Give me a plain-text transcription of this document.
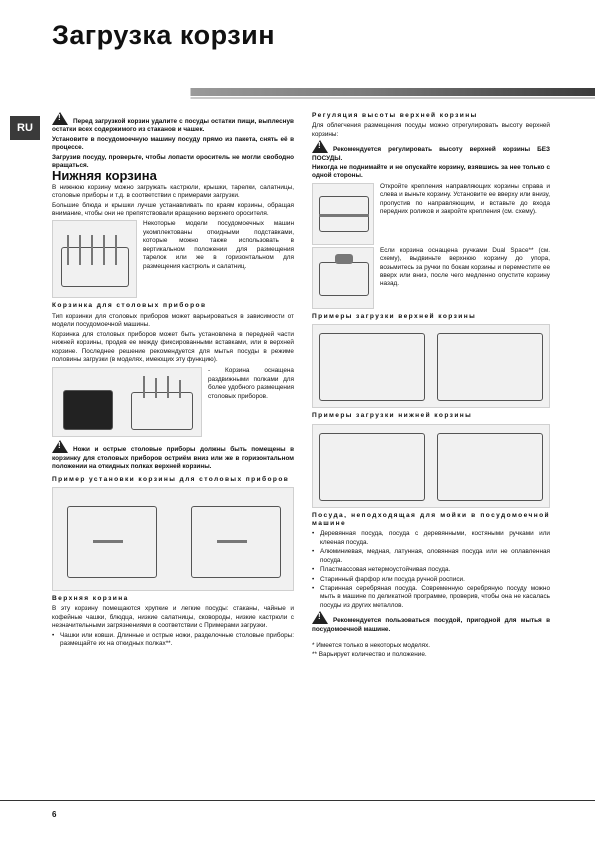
Загрузка корзин
RU

!Перед загрузкой корзин удалите с посуды остатки пищи, выплеснув остатки всех содержимого из стаканов и чашек.

Установите в посудомоечную машину посуду прямо из пакета, снять её в процессе.

Загрузив посуду, проверьте, чтобы лопасти ороситель не могли свободно вращаться.

Нижняя корзина

В нижнюю корзину можно загружать кастрюли, крышки, тарелки, салатницы, столовые приборы и т.д. в соответствии с примерами загрузки.

Большие блюда и крышки лучше устанавливать по краям корзины, обращая внимание, чтобы они не препятствовали вращению верхнего оросителя.

Некоторые модели посудомоечных машин укомплектованы откидными подставками, которые можно также использовать в вертикальном положении для размещения тарелок или же в горизонтальном для размещения кастрюль и салатниц.

Корзинка для столовых приборов

Тип корзинки для столовых приборов может варьироваться в зависимости от модели посудомоечной машины.

Корзинка для столовых приборов может быть установлена в передней части нижней корзины, продев ее между фиксированными вставками, или в верхней корзине. Последнее решение рекомендуется для мытья посуды в режиме половины загрузки (в моделях, имеющих эту функцию).

- Корзина оснащена раздвижными полками для более удобного размещения столовых приборов.

!Ножи и острые столовые приборы должны быть помещены в корзинку для столовых приборов остриём вниз или же в горизонтальном положении на откидных полках верхней корзины.

Пример установки корзины для столовых приборов
Верхняя корзина

В эту корзину помещаются хрупкие и легкие посуды: стаканы, чайные и кофейные чашки, блюдца, низкие салатницы, сковороды, низкие кастрюли с незначительными загрязнениями в соответствии с Примерами загрузки.

• Чашки или ковши. Длинные и острые ножи, разделочные столовые приборы: размещайте их на откидных полках**.
Регуляция высоты верхней корзины

Для облегчения размещения посуды можно отрегулировать высоту верхней корзины:

!Рекомендуется регулировать высоту верхней корзины БЕЗ ПОСУДЫ.

Никогда не поднимайте и не опускайте корзину, взявшись за нее только с одной стороны.

Откройте крепления направляющих корзины справа и слева и выньте корзину. Установите ее вверху или внизу, пропустив по направляющим, и вставьте до входа передних роликов и закройте крепления (см. схему).

Если корзина оснащена ручками Dual Space** (см. схему), выдвиньте верхнюю корзину до упора, возьмитесь за ручки по бокам корзины и переместите ее вверх или вниз, после чего медленно опустите корзину назад.

Примеры загрузки верхней корзины
Примеры загрузки нижней корзины
Посуда, неподходящая для мойки в посудомоечной машине
• Деревянная посуда, посуда с деревянными, костяными ручками или клееная посуда.
• Алюминиевая, медная, латунная, оловянная посуда или не оплавленная посуда.
• Пластмассовая нетермоустойчивая посуда.
• Старинный фарфор или посуда ручной росписи.
• Старинная серебряная посуда. Современную серебряную посуду можно мыть в машине по деликатной программе, проверив, чтобы она не касалась посуды из других металлов.

!Рекомендуется пользоваться посудой, пригодной для мытья в посудомоечной машине.

* Имеется только в некоторых моделях.

** Варьирует количество и положение.

6
